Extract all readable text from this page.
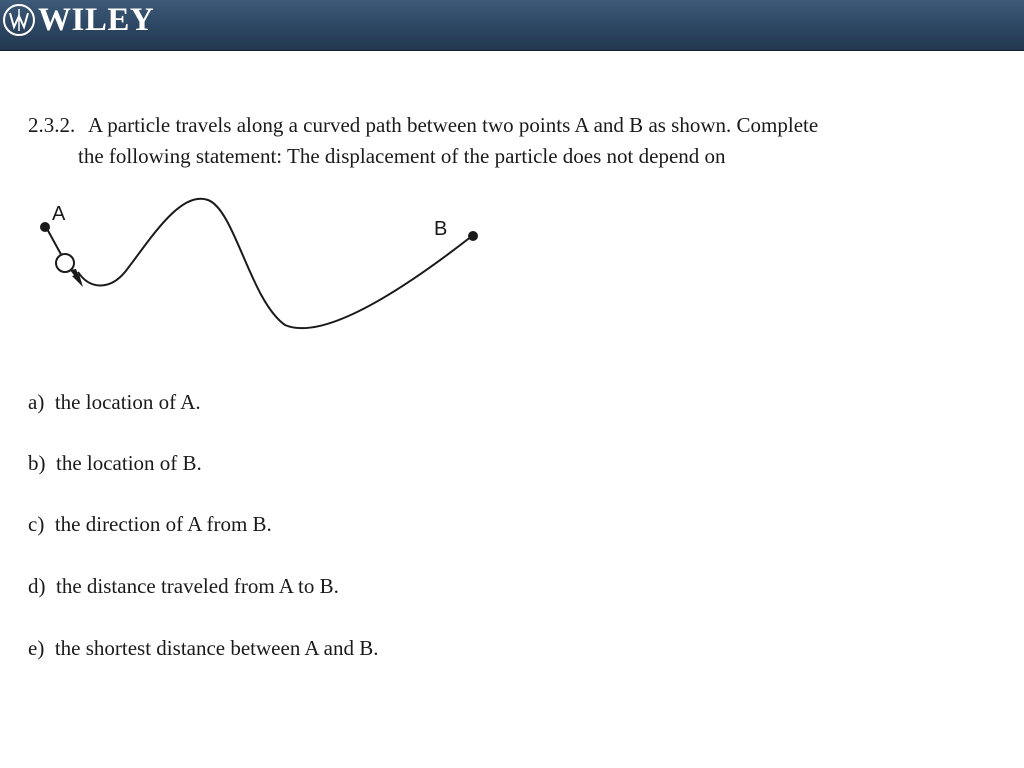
WILEY
2.3.2. A particle travels along a curved path between two points A and B as shown. Complete
the following statement: The displacement of the particle does not depend on
A
B
a) the location of A.
b) the location of B.
c) the direction of A from B.
d) the distance traveled from A to B.
e) the shortest distance between A and B.
